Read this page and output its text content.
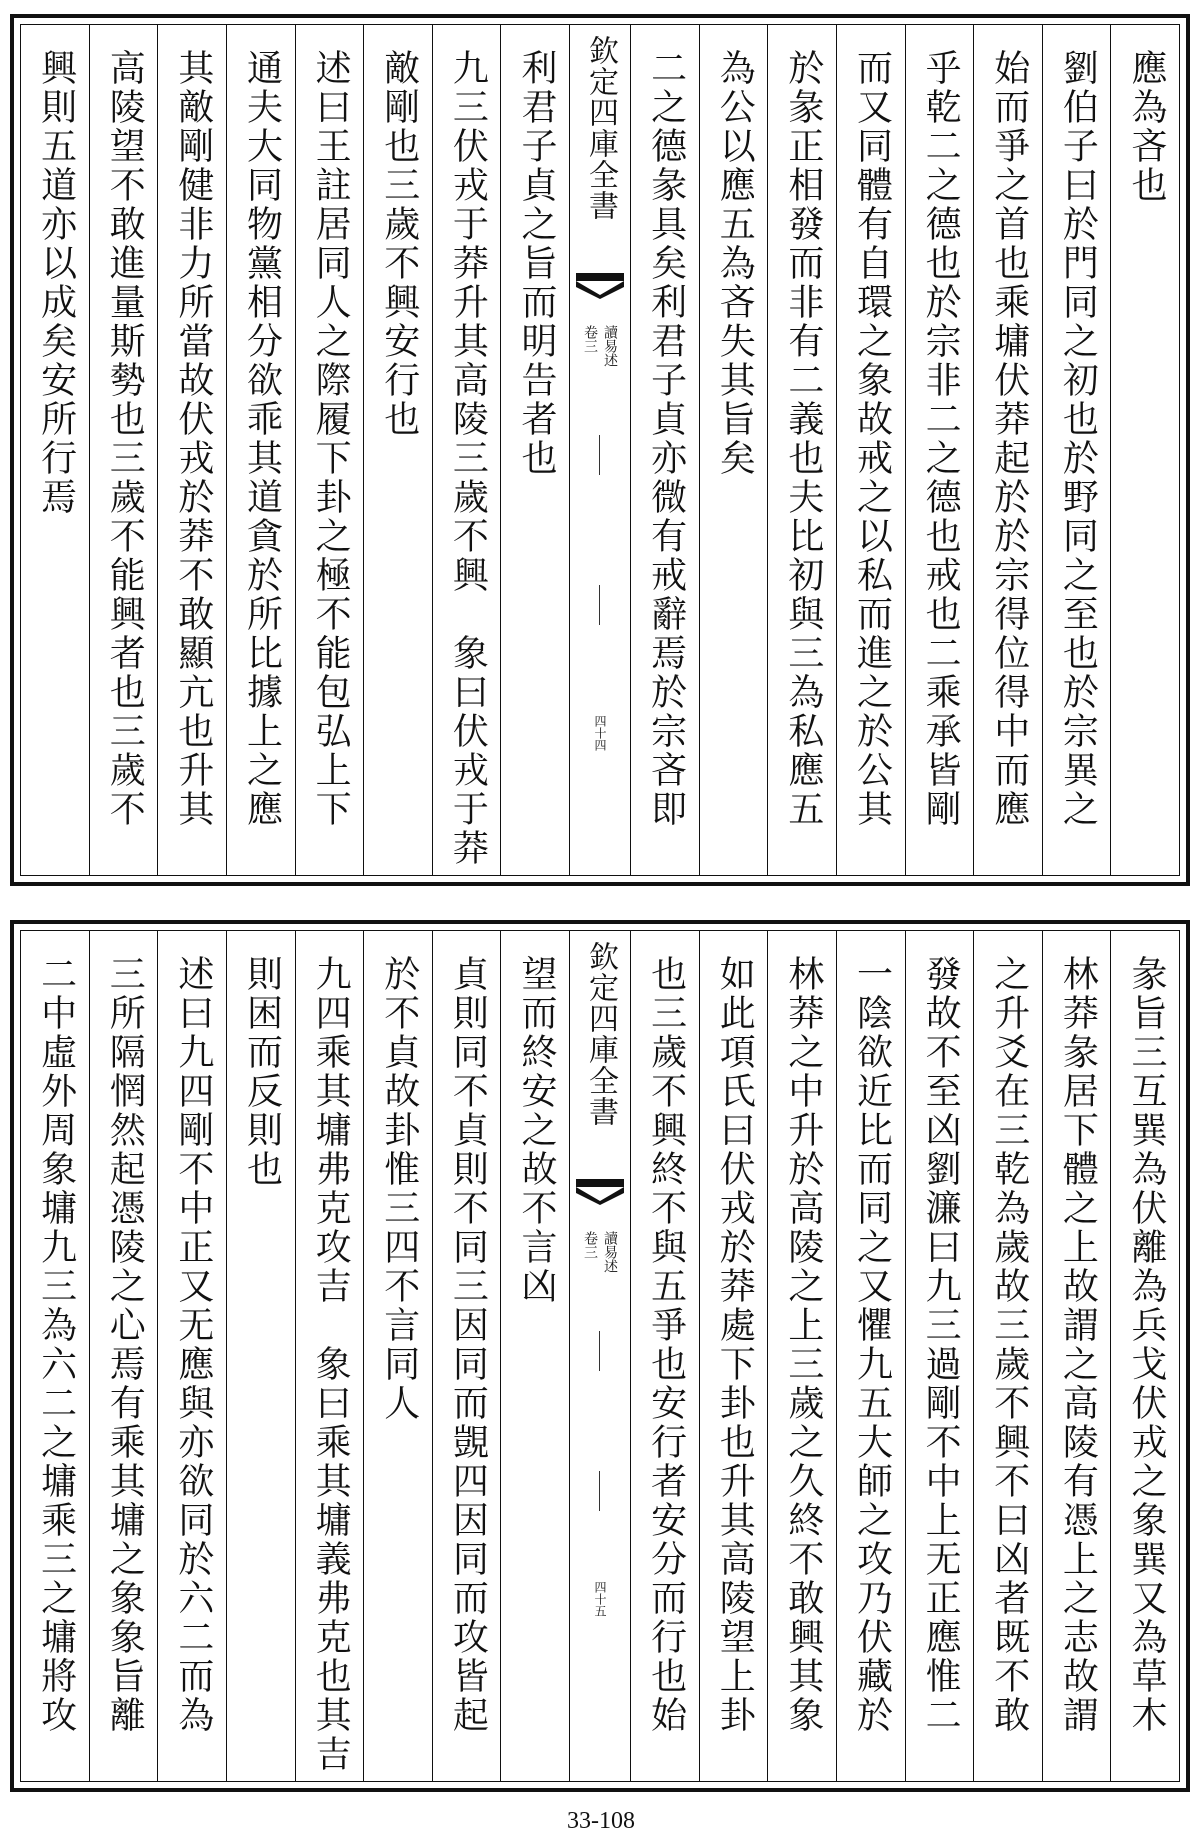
應為吝也
劉伯子曰於門同之初也於野同之至也於宗異之
始而爭之首也乘墉伏莽起於於宗得位得中而應
乎乾二之德也於宗非二之德也戒也二乘承皆剛
而又同體有自環之象故戒之以私而進之於公其
於彖正相發而非有二義也夫比初與三為私應五
為公以應五為吝失其旨矣
二之德彖具矣利君子貞亦微有戒辭焉於宗吝即
欽定四庫全書
讀易述
卷三
四十四
利君子貞之旨而明告者也
九三伏戎于莽升其高陵三歲不興　象曰伏戎于莽
敵剛也三歲不興安行也
述曰王註居同人之際履下卦之極不能包弘上下
通夫大同物黨相分欲乖其道貪於所比據上之應
其敵剛健非力所當故伏戎於莽不敢顯亢也升其
高陵望不敢進量斯勢也三歲不能興者也三歲不
興則五道亦以成矣安所行焉
彖旨三互巽為伏離為兵戈伏戎之象巽又為草木
林莽彖居下體之上故謂之高陵有憑上之志故謂
之升爻在三乾為歲故三歲不興不曰凶者既不敢
發故不至凶劉濂曰九三過剛不中上无正應惟二
一陰欲近比而同之又懼九五大師之攻乃伏藏於
林莽之中升於高陵之上三歲之久終不敢興其象
如此項氏曰伏戎於莽處下卦也升其高陵望上卦
也三歲不興終不與五爭也安行者安分而行也始
欽定四庫全書
讀易述
卷三
四十五
望而終安之故不言凶
貞則同不貞則不同三因同而覬四因同而攻皆起
於不貞故卦惟三四不言同人
九四乘其墉弗克攻吉　象曰乘其墉義弗克也其吉
則困而反則也
述曰九四剛不中正又无應與亦欲同於六二而為
三所隔惘然起憑陵之心焉有乘其墉之象象旨離
二中虛外周象墉九三為六二之墉乘三之墉將攻
33-108
